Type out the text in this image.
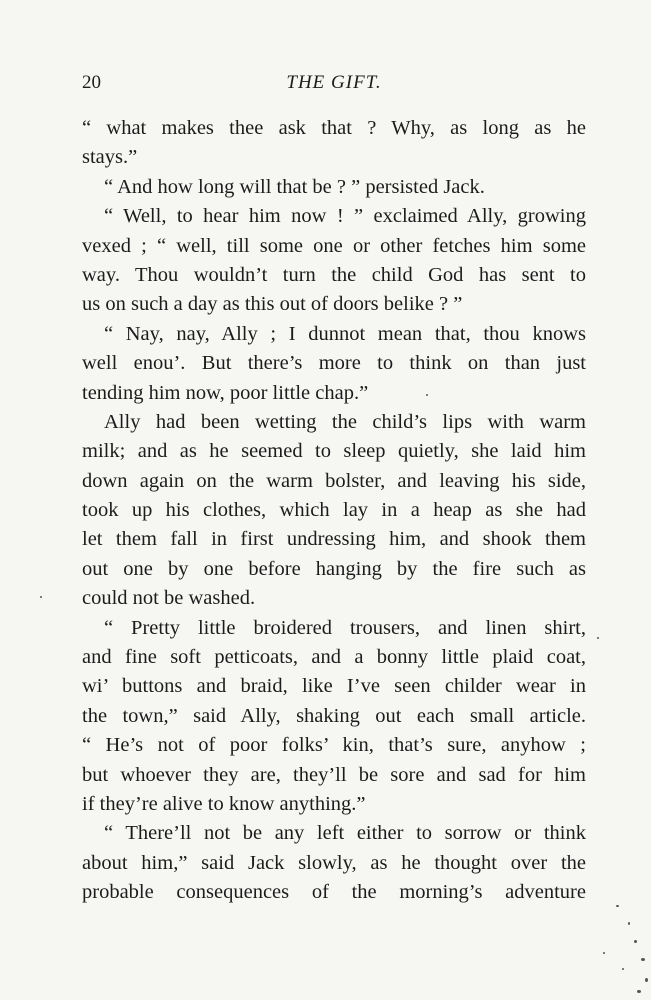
20	THE GIFT.
“ what makes thee ask that ? Why, as long as he
stays.”
“ And how long will that be ? ” persisted Jack.
“ Well, to hear him now ! ” exclaimed Ally, growing
vexed ; “ well, till some one or other fetches him some
way. Thou wouldn’t turn the child God has sent to
us on such a day as this out of doors belike ? ”
“ Nay, nay, Ally ; I dunnot mean that, thou knows
well enou’. But there’s more to think on than just
tending him now, poor little chap.”
Ally had been wetting the child’s lips with warm
milk; and as he seemed to sleep quietly, she laid him
down again on the warm bolster, and leaving his side,
took up his clothes, which lay in a heap as she had
let them fall in first undressing him, and shook them
out one by one before hanging by the fire such as
could not be washed.
“ Pretty little broidered trousers, and linen shirt,
and fine soft petticoats, and a bonny little plaid coat,
wi’ buttons and braid, like I’ve seen childer wear in
the town,” said Ally, shaking out each small article.
“ He’s not of poor folks’ kin, that’s sure, anyhow ;
but whoever they are, they’ll be sore and sad for him
if they’re alive to know anything.”
“ There’ll not be any left either to sorrow or think
about him,” said Jack slowly, as he thought over the
probable consequences of the morning’s adventure
